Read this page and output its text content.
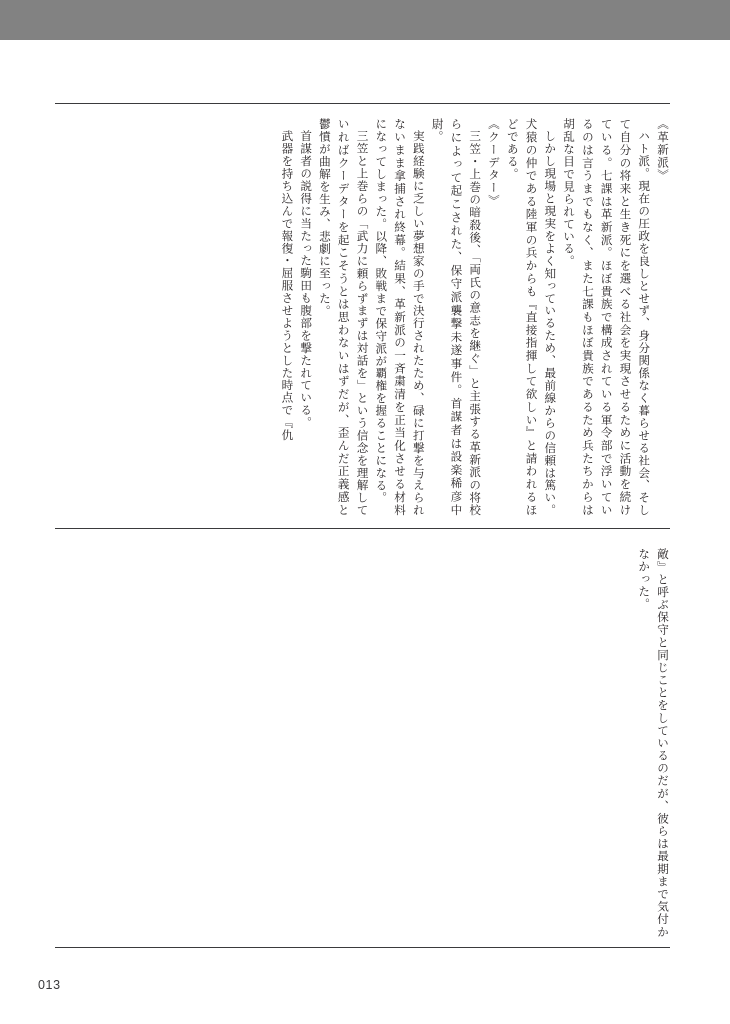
《革新派》

ハト派。現在の圧政を良しとせず、身分関係なく暮らせる社会、そして自分の将来と生き死にを選べる社会を実現させるために活動を続けている。七課は革新派。ほぼ貴族で構成されている軍令部で浮いているのは言うまでもなく、また七課もほぼ貴族であるため兵たちからは胡乱な目で見られている。

しかし現場と現実をよく知っているため、最前線からの信頼は篤い。犬猿の仲である陸軍の兵からも『直接指揮して欲しい』と請われるほどである。

《クーデター》

三笠・上巻の暗殺後、「両氏の意志を継ぐ」と主張する革新派の将校らによって起こされた、保守派襲撃未遂事件。首謀者は設楽稀彦中尉。

実践経験に乏しい夢想家の手で決行されたため、碌に打撃を与えられないまま拿捕され終幕。結果、革新派の一斉粛清を正当化させる材料になってしまった。以降、敗戦まで保守派が覇権を握ることになる。

三笠と上巻らの「武力に頼らずまずは対話を」という信念を理解していればクーデターを起こそうとは思わないはずだが、歪んだ正義感と鬱憤が曲解を生み、悲劇に至った。

首謀者の説得に当たった駒田も腹部を撃たれている。

武器を持ち込んで報復・屈服させようとした時点で『仇

敵』と呼ぶ保守と同じことをしているのだが、彼らは最期まで気付かなかった。

013
